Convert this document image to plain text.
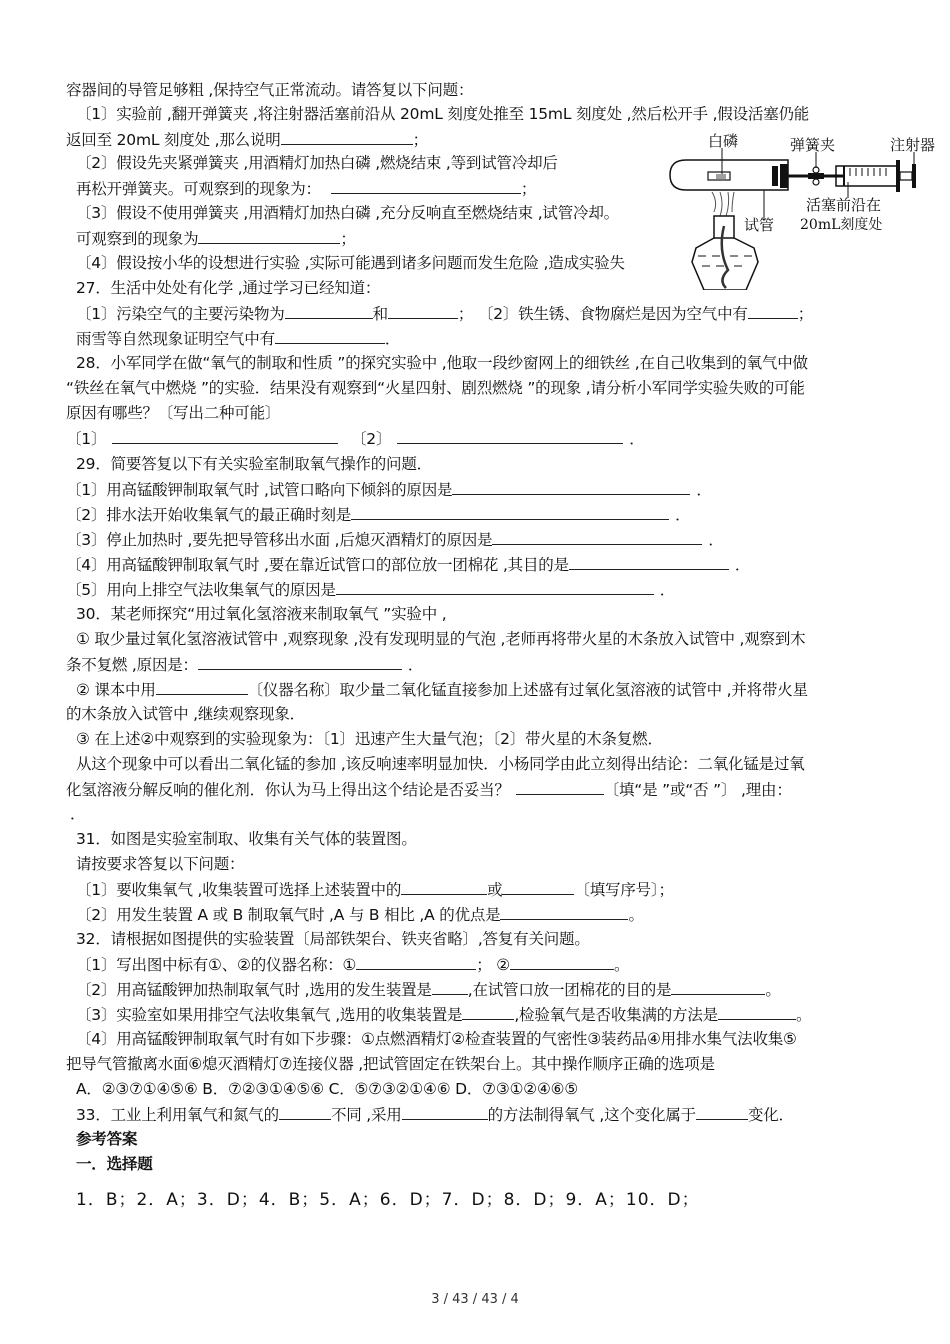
容器间的导管足够粗 ,保持空气正常流动。请答复以下问题：
〔1〕实验前 ,翻开弹簧夹 ,将注射器活塞前沿从 20mL 刻度处推至 15mL 刻度处 ,然后松开手 ,假设活塞仍能
返回至 20mL 刻度处 ,那么说明	；
〔2〕假设先夹紧弹簧夹 ,用酒精灯加热白磷 ,燃烧结束 ,等到试管冷却后
再松开弹簧夹。可观察到的现象为：	；
〔3〕假设不使用弹簧夹 ,用酒精灯加热白磷 ,充分反响直至燃烧结束 ,试管冷却。
可观察到的现象为	；
〔4〕假设按小华的设想进行实验 ,实际可能遇到诸多问题而发生危险 ,造成实验失
白磷	弹簧夹	注射器
试管
活塞前沿在
20mL刻度处
27．生活中处处有化学 ,通过学习已经知道：
〔1〕污染空气的主要污染物为	和	； 〔2〕铁生锈、食物腐烂是因为空气中有	；
雨雪等自然现象证明空气中有	．
28．小军同学在做“氧气的制取和性质 ”的探究实验中 ,他取一段纱窗网上的细铁丝 ,在自己收集到的氧气中做
“铁丝在氧气中燃烧 ”的实验．结果没有观察到“火星四射、剧烈燃烧 ”的现象 ,请分析小军同学实验失败的可能
原因有哪些？〔写出二种可能〕
〔1〕	〔2〕	．
29．简要答复以下有关实验室制取氧气操作的问题．
〔1〕用高锰酸钾制取氧气时 ,试管口略向下倾斜的原因是	．
〔2〕排水法开始收集氧气的最正确时刻是	．
〔3〕停止加热时 ,要先把导管移出水面 ,后熄灭酒精灯的原因是	．
〔4〕用高锰酸钾制取氧气时 ,要在靠近试管口的部位放一团棉花 ,其目的是	．
〔5〕用向上排空气法收集氧气的原因是	．
30．某老师探究“用过氧化氢溶液来制取氧气 ”实验中 ,
① 取少量过氧化氢溶液试管中 ,观察现象 ,没有发现明显的气泡 ,老师再将带火星的木条放入试管中 ,观察到木
条不复燃 ,原因是：	．
② 课本中用	〔仪器名称〕取少量二氧化锰直接参加上述盛有过氧化氢溶液的试管中 ,并将带火星
的木条放入试管中 ,继续观察现象．
③ 在上述②中观察到的实验现象为：〔1〕迅速产生大量气泡；〔2〕带火星的木条复燃．
从这个现象中可以看出二氧化锰的参加 ,该反响速率明显加快．小杨同学由此立刻得出结论：二氧化锰是过氧
化氢溶液分解反响的催化剂．你认为马上得出这个结论是否妥当？	〔填“是 ”或“否 ”〕 ,理由：
．
31．如图是实验室制取、收集有关气体的装置图。
请按要求答复以下问题：
〔1〕要收集氧气 ,收集装置可选择上述装置中的	或	〔填写序号〕；
〔2〕用发生装置 A 或 B 制取氧气时 ,A 与 B 相比 ,A 的优点是	。
32．请根据如图提供的实验装置〔局部铁架台、铁夹省略〕,答复有关问题。
〔1〕写出图中标有①、②的仪器名称：①	； ②	。
〔2〕用高锰酸钾加热制取氧气时 ,选用的发生装置是 ,在试管口放一团棉花的目的是	。
〔3〕实验室如果用排空气法收集氧气 ,选用的收集装置是	,检验氧气是否收集满的方法是	。
〔4〕用高锰酸钾制取氧气时有如下步骤：①点燃酒精灯②检查装置的气密性③装药品④用排水集气法收集⑤
把导气管撤离水面⑥熄灭酒精灯⑦连接仪器 ,把试管固定在铁架台上。其中操作顺序正确的选项是
A．②③⑦①④⑤⑥ B．⑦②③①④⑤⑥ C．⑤⑦③②①④⑥ D．⑦③①②④⑥⑤
33．工业上利用氧气和氮气的	不同 ,采用	的方法制得氧气 ,这个变化属于	变化．
参考答案
一．选择题
1．B；2．A；3．D；4．B；5．A；6．D；7．D；8．D；9．A；10．D；
3 / 43 / 43 / 4
